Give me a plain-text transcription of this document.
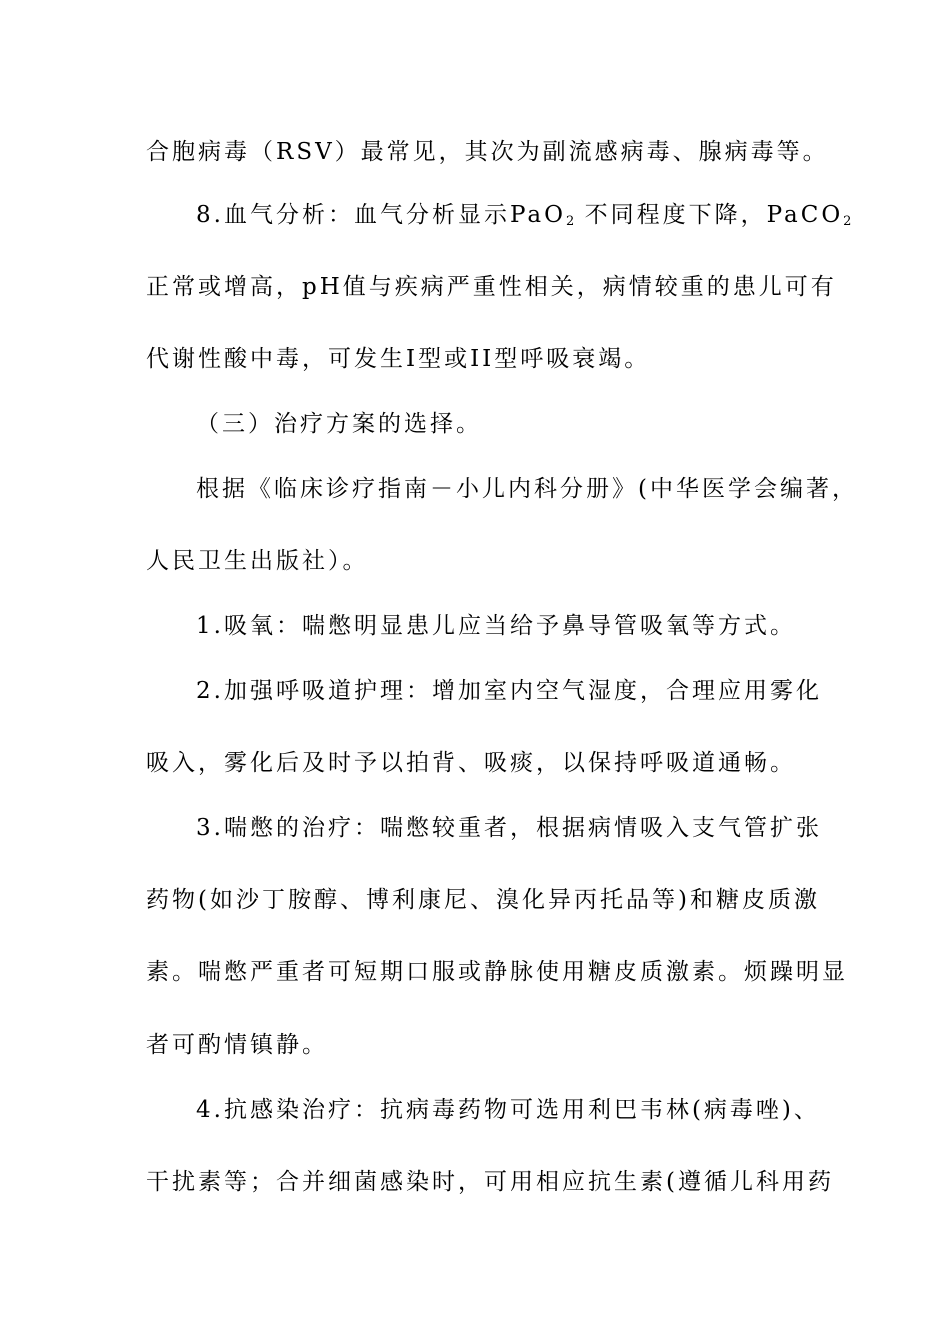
合胞病毒（RSV）最常见，其次为副流感病毒、腺病毒等。
8.血气分析：血气分析显示PaO$_2$ 不同程度下降，PaCO$_2$
正常或增高，pH值与疾病严重性相关，病情较重的患儿可有
代谢性酸中毒，可发生Ⅰ型或II型呼吸衰竭。
（三）治疗方案的选择。
根据《临床诊疗指南－小儿内科分册》(中华医学会编著，
人民卫生出版社）。
1.吸氧：喘憋明显患儿应当给予鼻导管吸氧等方式。
2.加强呼吸道护理：增加室内空气湿度，合理应用雾化
吸入，雾化后及时予以拍背、吸痰，以保持呼吸道通畅。
3.喘憋的治疗：喘憋较重者，根据病情吸入支气管扩张
药物(如沙丁胺醇、博利康尼、溴化异丙托品等)和糖皮质激
素。喘憋严重者可短期口服或静脉使用糖皮质激素。烦躁明显
者可酌情镇静。
4.抗感染治疗：抗病毒药物可选用利巴韦林(病毒唑)、
干扰素等；合并细菌感染时，可用相应抗生素(遵循儿科用药
